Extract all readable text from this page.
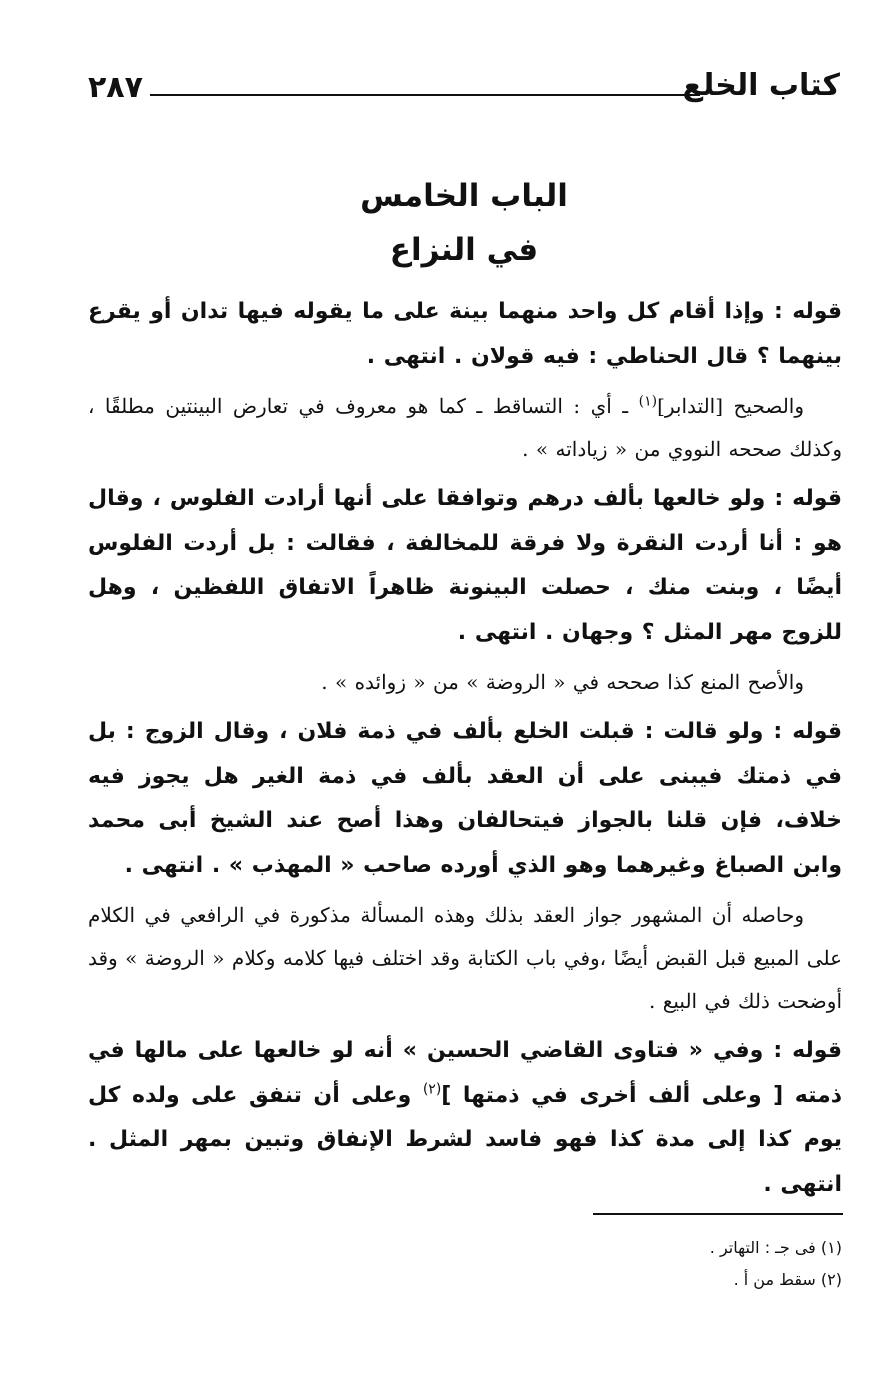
٢٨٧	كتاب الخلع
الباب الخامس
في النزاع

قوله : وإذا أقام كل واحد منهما بينة على ما يقوله فيها تدان أو يقرع بينهما ؟ قال الحناطي : فيه قولان . انتهى .

والصحيح [التدابر]$^{(١)}$ ـ أي : التساقط ـ كما هو معروف في تعارض البينتين مطلقًا ، وكذلك صححه النووي من « زياداته » .

قوله : ولو خالعها بألف درهم وتوافقا على أنها أرادت الفلوس ، وقال هو : أنا أردت النقرة ولا فرقة للمخالفة ، فقالت : بل أردت الفلوس أيضًا ، وبنت منك ، حصلت البينونة ظاهراً الاتفاق اللفظين ، وهل للزوج مهر المثل ؟ وجهان . انتهى .

والأصح المنع كذا صححه في « الروضة » من « زوائده » .

قوله : ولو قالت : قبلت الخلع بألف في ذمة فلان ، وقال الزوج : بل في ذمتك فيبنى على أن العقد بألف في ذمة الغير هل يجوز فيه خلاف، فإن قلنا بالجواز فيتحالفان وهذا أصح عند الشيخ أبى محمد وابن الصباغ وغيرهما وهو الذي أورده صاحب « المهذب » . انتهى .

وحاصله أن المشهور جواز العقد بذلك وهذه المسألة مذكورة في الرافعي في الكلام على المبيع قبل القبض أيضًا ،وفي باب الكتابة وقد اختلف فيها كلامه وكلام « الروضة » وقد أوضحت ذلك في البيع .

قوله : وفي « فتاوى القاضي الحسين » أنه لو خالعها على مالها في ذمته [ وعلى ألف أخرى في ذمتها ]$^{(٢)}$ وعلى أن تنفق على ولده كل يوم كذا إلى مدة كذا فهو فاسد لشرط الإنفاق وتبين بمهر المثل . انتهى .

(١) فى جـ : التهاتر .

(٢) سقط من أ .
